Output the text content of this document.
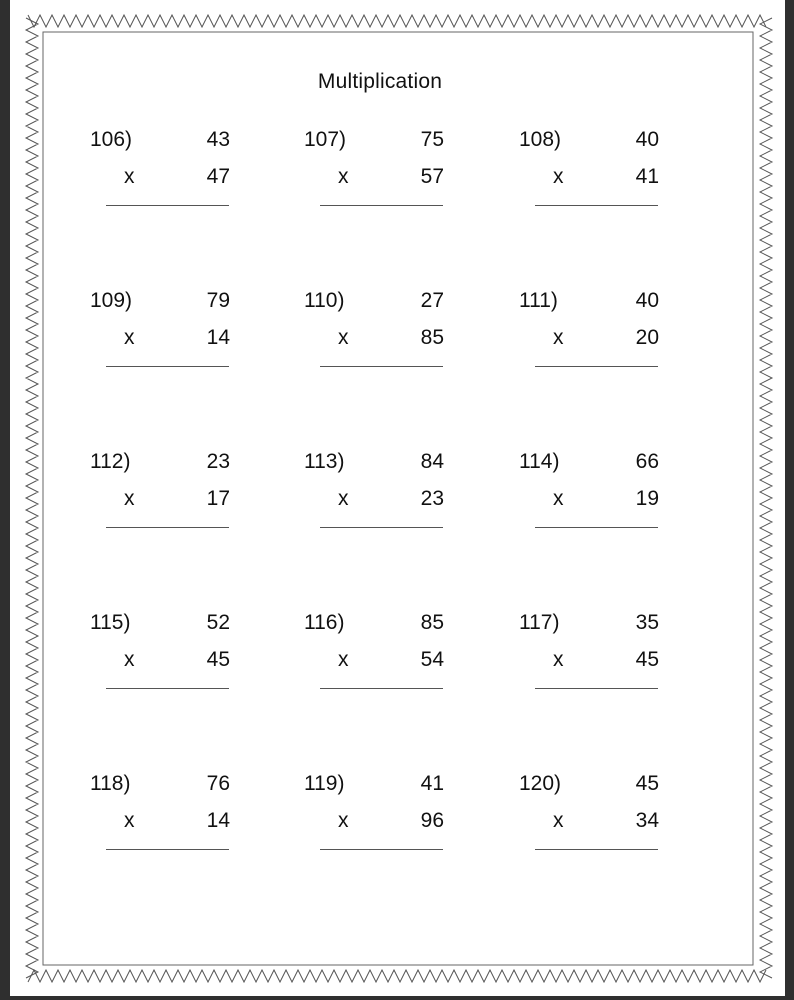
Multiplication
106)	43
x	47
107)	75
x	57
108)	40
x	41
109)	79
x	14
110)	27
x	85
111)	40
x	20
112)	23
x	17
113)	84
x	23
114)	66
x	19
115)	52
x	45
116)	85
x	54
117)	35
x	45
118)	76
x	14
119)	41
x	96
120)	45
x	34
